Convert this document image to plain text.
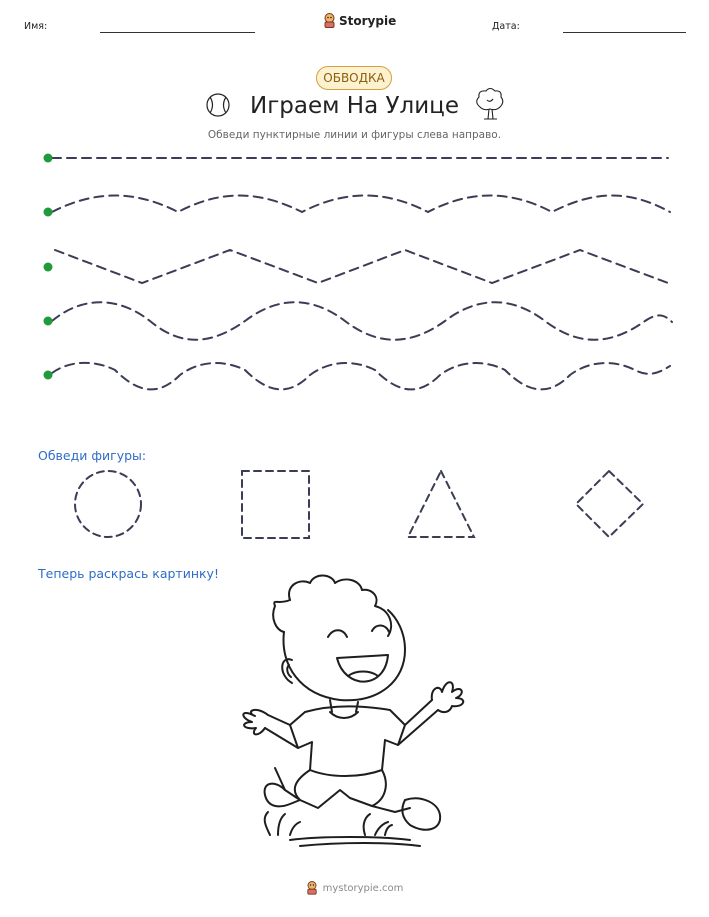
Имя:	Storypie	Дата:
ОБВОДКА
Играем На Улице
Обведи пунктирные линии и фигуры слева направо.
Обведи фигуры:
Теперь раскрась картинку!
mystorypie.com
